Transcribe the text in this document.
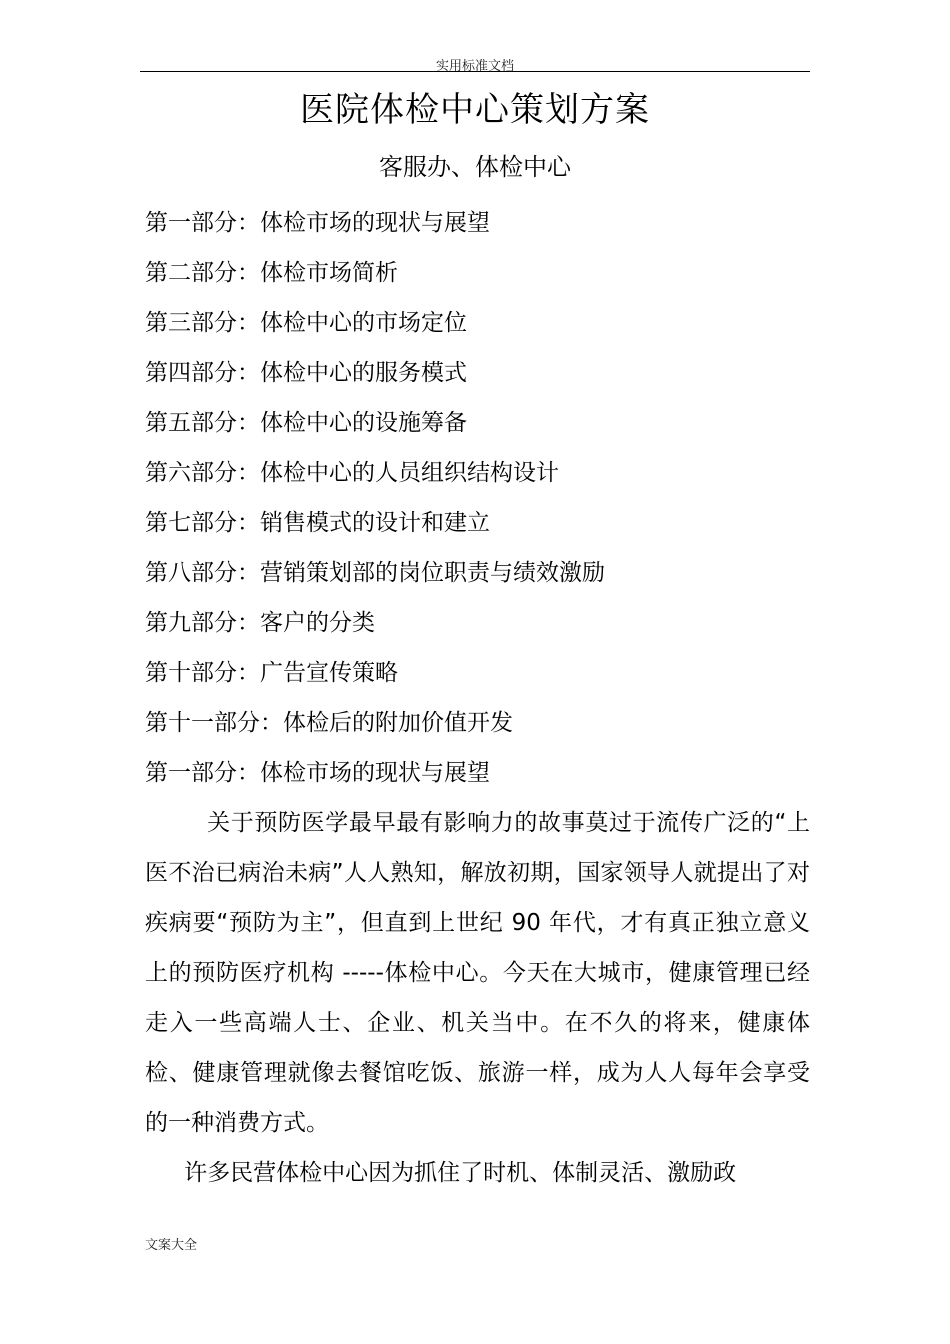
实用标准文档
医院体检中心策划方案
客服办、体检中心
第一部分：体检市场的现状与展望
第二部分：体检市场简析
第三部分：体检中心的市场定位
第四部分：体检中心的服务模式
第五部分：体检中心的设施筹备
第六部分：体检中心的人员组织结构设计
第七部分：销售模式的设计和建立
第八部分：营销策划部的岗位职责与绩效激励
第九部分：客户的分类
第十部分：广告宣传策略
第十一部分：体检后的附加价值开发
第一部分：体检市场的现状与展望

关于预防医学最早最有影响力的故事莫过于流传广泛的“上医不治已病治未病”人人熟知，解放初期，国家领导人就提出了对疾病要“预防为主”，但直到上世纪 90 年代，才有真正独立意义上的预防医疗机构 -----体检中心。今天在大城市，健康管理已经走入一些高端人士、企业、机关当中。在不久的将来，健康体检、健康管理就像去餐馆吃饭、旅游一样，成为人人每年会享受的一种消费方式。

许多民营体检中心因为抓住了时机、体制灵活、激励政

文案大全
